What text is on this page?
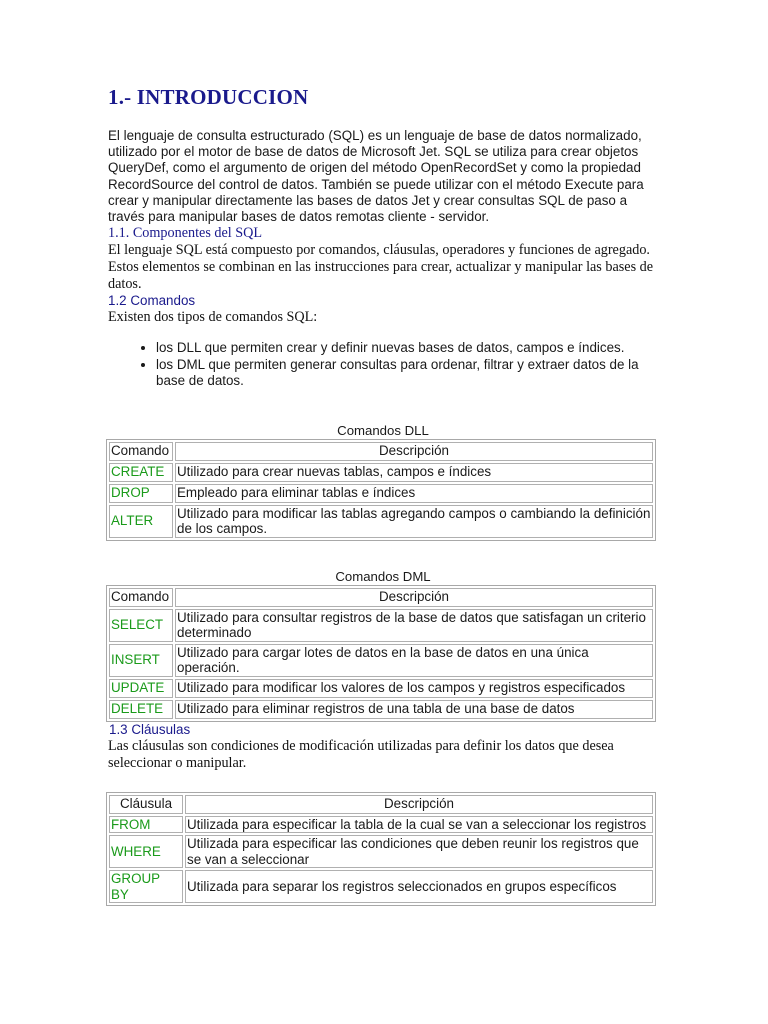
1.- INTRODUCCION

El lenguaje de consulta estructurado (SQL) es un lenguaje de base de datos normalizado, utilizado por el motor de base de datos de Microsoft Jet. SQL se utiliza para crear objetos QueryDef, como el argumento de origen del método OpenRecordSet y como la propiedad RecordSource del control de datos. También se puede utilizar con el método Execute para crear y manipular directamente las bases de datos Jet y crear consultas SQL de paso a través para manipular bases de datos remotas cliente - servidor.

1.1. Componentes del SQL

El lenguaje SQL está compuesto por comandos, cláusulas, operadores y funciones de agregado. Estos elementos se combinan en las instrucciones para crear, actualizar y manipular las bases de datos.

1.2 Comandos

Existen dos tipos de comandos SQL:

• los DLL que permiten crear y definir nuevas bases de datos, campos e índices.
• los DML que permiten generar consultas para ordenar, filtrar y extraer datos de la base de datos.
Comandos DLL
Comando	Descripción
CREATE	Utilizado para crear nuevas tablas, campos e índices
DROP	Empleado para eliminar tablas e índices
ALTER	Utilizado para modificar las tablas agregando campos o cambiando la definición de los campos.
Comandos DML
Comando	Descripción
SELECT	Utilizado para consultar registros de la base de datos que satisfagan un criterio determinado
INSERT	Utilizado para cargar lotes de datos en la base de datos en una única operación.
UPDATE	Utilizado para modificar los valores de los campos y registros especificados
DELETE	Utilizado para eliminar registros de una tabla de una base de datos

1.3 Cláusulas

Las cláusulas son condiciones de modificación utilizadas para definir los datos que desea seleccionar o manipular.

Cláusula	Descripción
FROM	Utilizada para especificar la tabla de la cual se van a seleccionar los registros
WHERE	Utilizada para especificar las condiciones que deben reunir los registros que se van a seleccionar
GROUP BY	Utilizada para separar los registros seleccionados en grupos específicos
